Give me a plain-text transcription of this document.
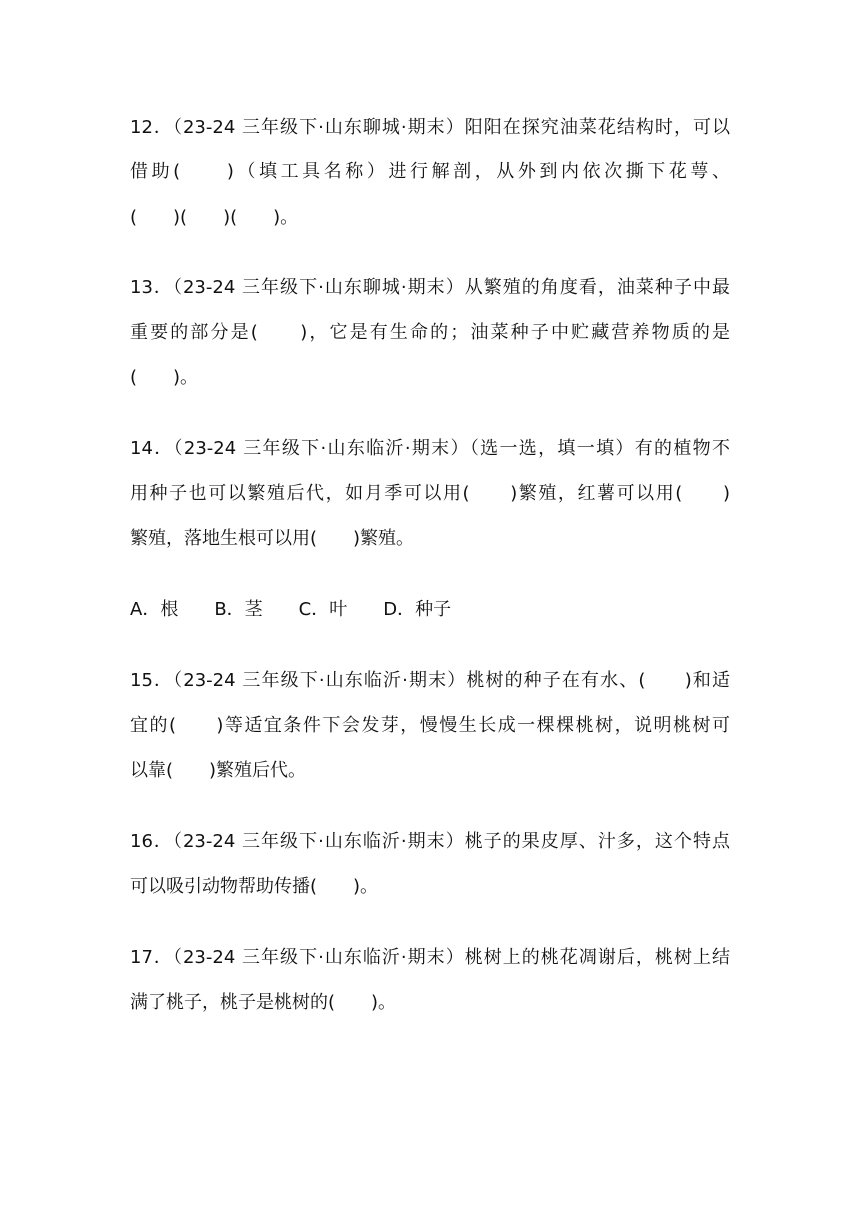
12．（23-24 三年级下·山东聊城·期末）阳阳在探究油菜花结构时，可以
借助(　　)（填工具名称）进行解剖，从外到内依次撕下花萼、
(　　)(　　)(　　)。
13．（23-24 三年级下·山东聊城·期末）从繁殖的角度看，油菜种子中最
重要的部分是(　　)，它是有生命的；油菜种子中贮藏营养物质的是
(　　)。
14．（23-24 三年级下·山东临沂·期末）（选一选，填一填）有的植物不
用种子也可以繁殖后代，如月季可以用(　　)繁殖，红薯可以用(　　)
繁殖，落地生根可以用(　　)繁殖。
A．根　　B．茎　　C．叶　　D．种子
15．（23-24 三年级下·山东临沂·期末）桃树的种子在有水、(　　)和适
宜的(　　)等适宜条件下会发芽，慢慢生长成一棵棵桃树，说明桃树可
以靠(　　)繁殖后代。
16．（23-24 三年级下·山东临沂·期末）桃子的果皮厚、汁多，这个特点
可以吸引动物帮助传播(　　)。
17．（23-24 三年级下·山东临沂·期末）桃树上的桃花凋谢后，桃树上结
满了桃子，桃子是桃树的(　　)。
